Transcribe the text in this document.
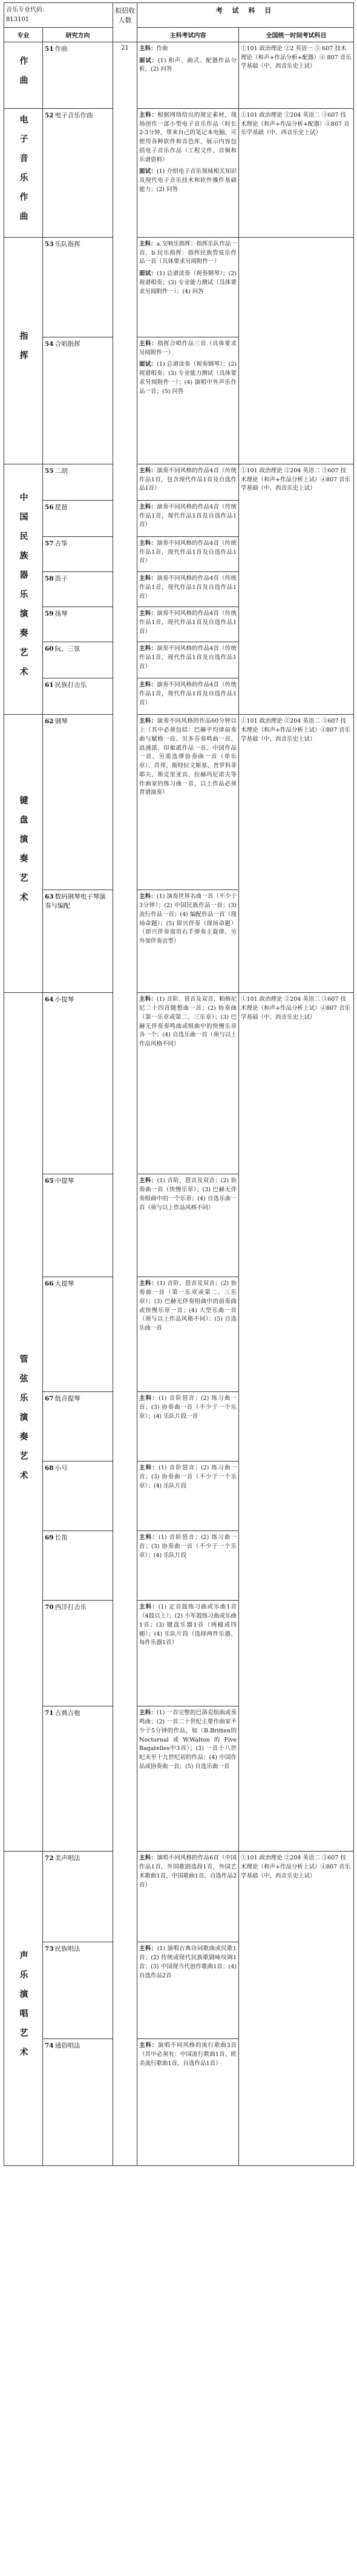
音乐专业代码：
813101		拟招收人数	考 试 科 目	
专业	研究方向		主科考试内容	全国统一时间考试科目
作曲	51 作曲	21	主科：作曲

面试：(1) 和声、曲式、配器作品分析，(2) 问答	①101 政治理论 ②2 英语一 ③ 607 技术理论（和声+作品分析+配器）④ 807 音乐学基础（中、西音乐史上试）
电子音乐作曲	52 电子音乐作曲		主科：根据网络给出的规定素材，现场创作一部小型电子音乐作品（时长2-3分钟，带来自己的笔记本电脑，可使用各种软件和音色库，展示内容包括电子音乐作品（工程文件、音频和乐谱资料）

面试：(1) 介绍电子音乐领域相关知识及现代电子音乐技术和软件操作基础能力；(2) 问答	①101 政治理论 ②204 英语二 ③607 技术理论（和声+作品分析+配器）④807 音乐学基础（中、西音乐史上试）
指挥	53 乐队指挥		主科：a.交响乐指挥：指挥乐队作品一首，b.民乐指挥：指挥民族管弦乐作品一首（具体要求另阅附件一）

面试：(1) 总谱读奏（视奏钢琴）；(2) 视谱唱奏；(3) 专业能力测试（具体要求另阅附件一）；(4) 问答	

	54 合唱指挥		主科：指挥合唱作品三首（具体要求另阅附件一）

面试：(1) 总谱读奏（视奏钢琴）；(2) 视谱唱奏；(3) 专业能力测试（具体要求另阅附件一）；(4) 演唱中外声乐作品一首；(5) 问答	

中国民族器乐演奏艺术	55 二胡		主科：演奏不同风格的作品4首（传统作品1首，包含现代作品1首及自选作品1首）	①101 政治理论 ②204 英语二 ③607 技术理论（和声+作品分析上试）④807 音乐学基础（中、西音乐史上试）
	56 琵琶		主科：演奏不同风格的作品4首（传统作品1首，现代作品1首及自选作品1首）	

	57 古筝		主科：演奏不同风格的作品4首（传统作品1首，现代作品1首及自选作品1首）	

	58 笛子		主科：演奏不同风格的作品4首（传统作品1首，现代作品1首及自选作品1首）	

	59 扬琴		主科：演奏不同风格的作品4首（传统作品1首，现代作品1首及自选作品1首）	

	60 阮、三弦		主科：演奏不同风格的作品4首（传统作品1首，现代作品1首及自选作品1首）	

	61 民族打击乐		主科：演奏不同风格的作品4首（传统作品1首，现代作品1首及自选作品1首）	

键盘演奏艺术	62 钢琴		主科：演奏不同风格的作品60分钟以上（其中必须包括：巴赫平均律前奏曲与赋格一首、贝多芬奏鸣曲一首、浪漫派、印象派作品一首、中国作品一首、另需选弹协奏曲一首（单乐章）、肖邦、斯特拉文斯基、普罗科菲耶夫、斯克里亚宾、拉赫玛尼诺夫等作曲家的练习曲一首，以上作品必须背谱演奏）	①101 政治理论 ②204 英语二 ③607 技术理论（和声+作品分析上试）④807 音乐学基础（中、西音乐史上试）
	63 数码钢琴电子琴演奏与编配		主科：(1) 演奏世界名曲一首（不少于3分钟）；(2) 中国民族作品一首；(3) 流行作品一首；(4) 编配作品一首（现场命题）；(5) 即兴伴奏（现场命题）（即兴伴奏需用右手弹奏主旋律、另外加伴奏音型）	

管弦乐演奏艺术	64 小提琴		主科：(1) 音阶、琶音及双音，帕格尼尼二十四首随想曲一首；(2) 协奏曲（第一乐章或第二、三乐章）；(3) 巴赫无伴奏奏鸣曲或组曲中的快慢乐章各一个；(4) 自选乐曲一首（须与以上作品风格不同）	①101 政治理论 ②204 英语二 ③607 技术理论（和声+作品分析上试）④807 音乐学基础（中、西音乐史上试）
	65 中提琴		主科：(1) 音阶、琶音及双音；(2) 协奏曲一首（快慢乐章）；(3) 巴赫无伴奏组曲中的一个乐章；(4) 自选乐曲一首（须与以上作品风格不同）	

	66 大提琴		主科：(1) 音阶、琶音及双音；(2) 协奏曲一首（第一乐章或第二、三乐章）；(3) 巴赫无伴奏组曲中的前奏曲或快慢乐章一首；(4) 大型乐曲一首（须与以上作品风格不同）；(5) 自选乐曲一首	

	67 低音提琴		主科：(1) 音阶琶音；(2) 练习曲一首；(3) 协奏曲一首（不少于一个乐章）；(4) 乐队片段一首	

	68 小号		主科：(1) 音阶琶音；(2) 练习曲一首；(3) 协奏曲一首（不少于一个乐章）；(4) 乐队片段	

	69 长笛		主科：(1) 音阶琶音；(2) 练习曲一首；(3) 协奏曲一首（不少于一个乐章）；(4) 乐队片段	

	70 西洋打击乐		主科：(1) 定音鼓练习曲或乐曲1首（4鼓以上）；(2) 小军鼓练习曲或乐曲1首；(3) 键盘乐器1首（两槌或四槌）；(4) 乐队片段（选择两件乐器，每件乐器1首）	

	71 古典吉他		主科：(1) 一首完整的巴洛克组曲或奏鸣曲；(2) 一首二十世纪主要作曲家不少于5分钟的作品，如（B.Britten的Nocturnal或W.Walton的Five Bagatelles中3首）；(3) 一首十八世纪末至十九世纪初的作品；(4) 中国作品或协奏曲一首；(5) 自选乐曲一首	

声乐演唱艺术	72 美声唱法		主科：演唱不同风格的作品6首（中国作品1首，外国歌剧选段1首，外国艺术歌曲1首，中国歌曲1首，自选作品2首）	①101 政治理论 ②204 英语二 ③607 技术理论（和声+作品分析上试）④807 音乐学基础（中、西音乐史上试）
	73 民族唱法		主科：(1) 演唱古典诗词歌曲或民歌1首；(2) 传统或现代民族歌剧咏叹调1首；(3) 中国现当代创作歌曲1首；(4) 自选作品2首	

	74 通俗唱法		主科：演唱不同风格的流行歌曲3首（其中必须有：中国流行歌曲1首、欧美流行歌曲1首，自选作品1首）	
